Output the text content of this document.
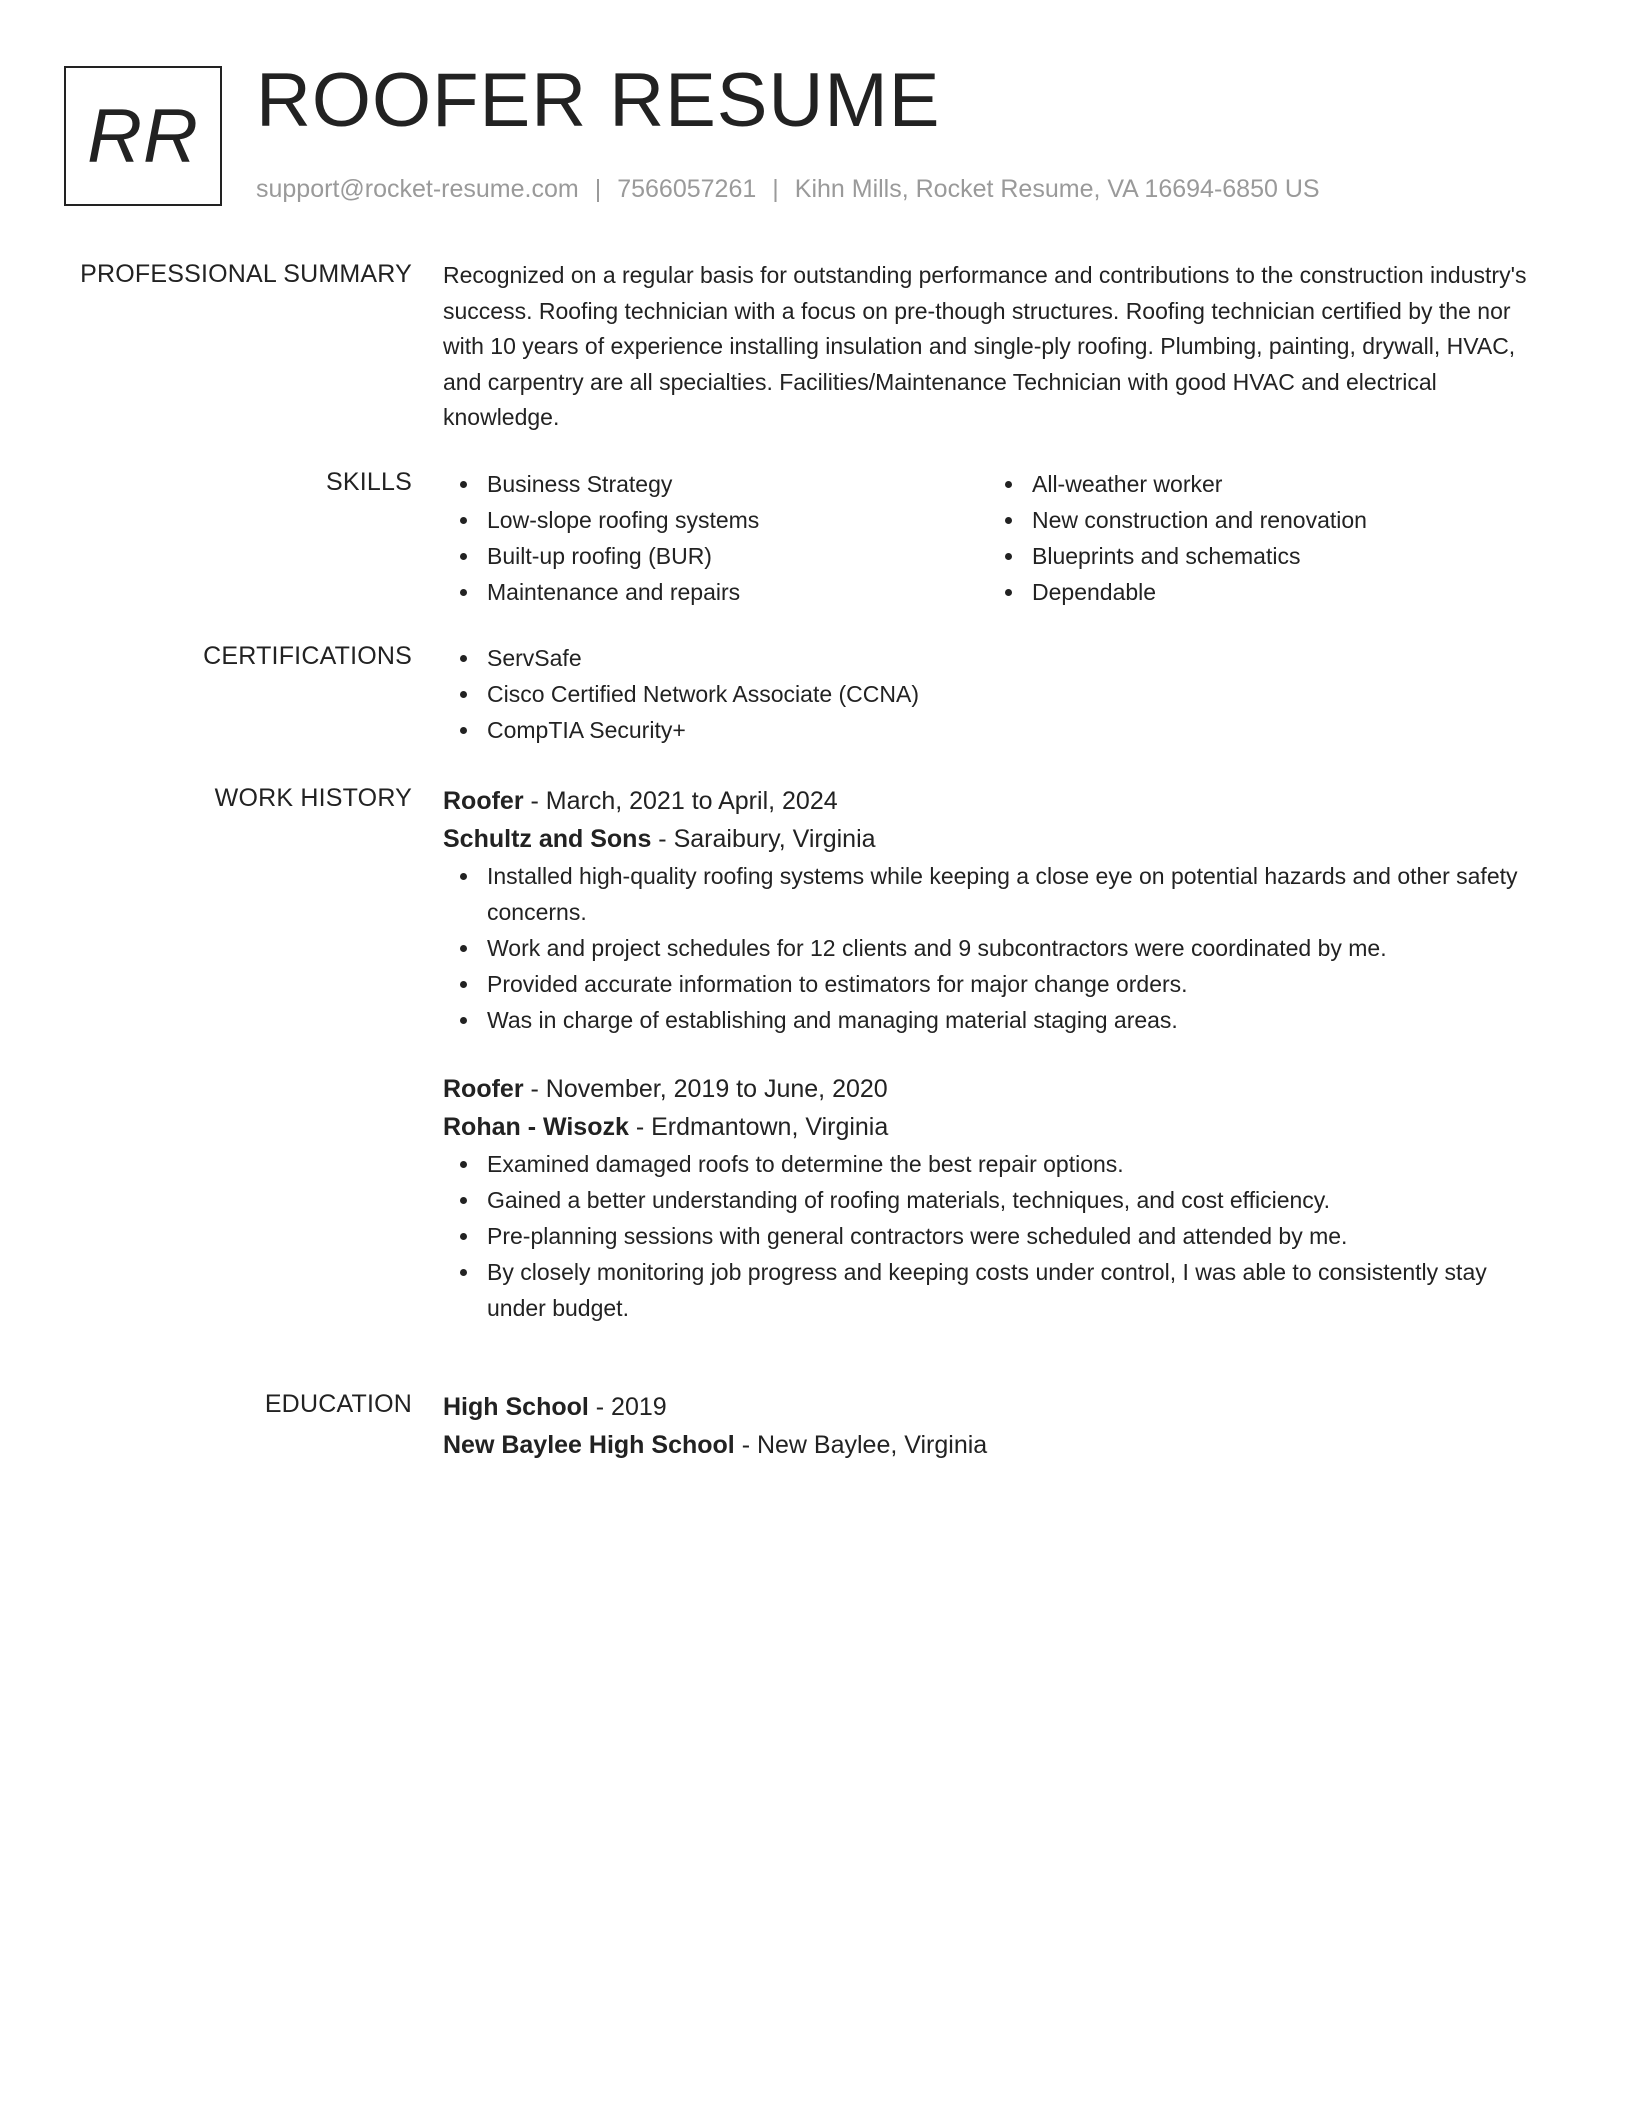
RR ROOFER RESUME
support@rocket-resume.com | 7566057261 | Kihn Mills, Rocket Resume, VA 16694-6850 US
PROFESSIONAL SUMMARY Recognized on a regular basis for outstanding performance and contributions to the construction industry's success. Roofing technician with a focus on pre-though structures. Roofing technician certified by the nor with 10 years of experience installing insulation and single-ply roofing. Plumbing, painting, drywall, HVAC, and carpentry are all specialties. Facilities/Maintenance Technician with good HVAC and electrical knowledge.
SKILLS	Business Strategy
Low-slope roofing systems
Built-up roofing (BUR)
Maintenance and repairs
All-weather worker
New construction and renovation
Blueprints and schematics
Dependable
CERTIFICATIONS	ServSafe
Cisco Certified Network Associate (CCNA)
CompTIA Security+
WORK HISTORY Roofer - March, 2021 to April, 2024
Schultz and Sons - Saraibury, Virginia
Installed high-quality roofing systems while keeping a close eye on potential hazards and other safety concerns.
Work and project schedules for 12 clients and 9 subcontractors were coordinated by me.
Provided accurate information to estimators for major change orders.
Was in charge of establishing and managing material staging areas.
Roofer - November, 2019 to June, 2020
Rohan - Wisozk - Erdmantown, Virginia
Examined damaged roofs to determine the best repair options.
Gained a better understanding of roofing materials, techniques, and cost efficiency.
Pre-planning sessions with general contractors were scheduled and attended by me.
By closely monitoring job progress and keeping costs under control, I was able to consistently stay under budget.
EDUCATION High School - 2019
New Baylee High School - New Baylee, Virginia
